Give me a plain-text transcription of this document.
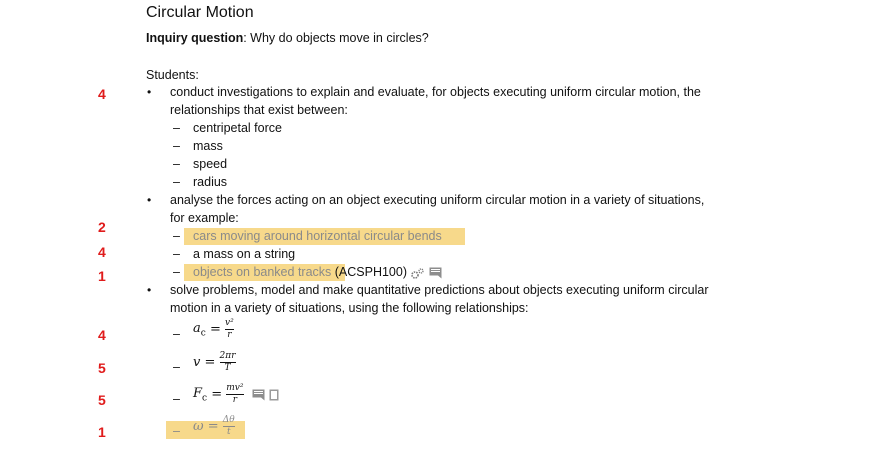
Circular Motion
Inquiry question: Why do objects move in circles?
Students:
4
2
4
1
4
5
5
1
• conduct investigations to explain and evaluate, for objects executing uniform circular motion, the
relationships that exist between:
– centripetal force
– mass
– speed
– radius
• analyse the forces acting on an object executing uniform circular motion in a variety of situations,
for example:
– cars moving around horizontal circular bends
– a mass on a string
– objects on banked tracks (ACSPH100)
• solve problems, model and make quantitative predictions about objects executing uniform circular
motion in a variety of situations, using the following relationships:
– $a_c = \frac{\text{v²}}{r}$
– $v = \frac{2\pi r}{T}$
– $F_c = \frac{\text{mv²}}{r}$

– $\omega = \frac{\Delta\theta}{t}$
